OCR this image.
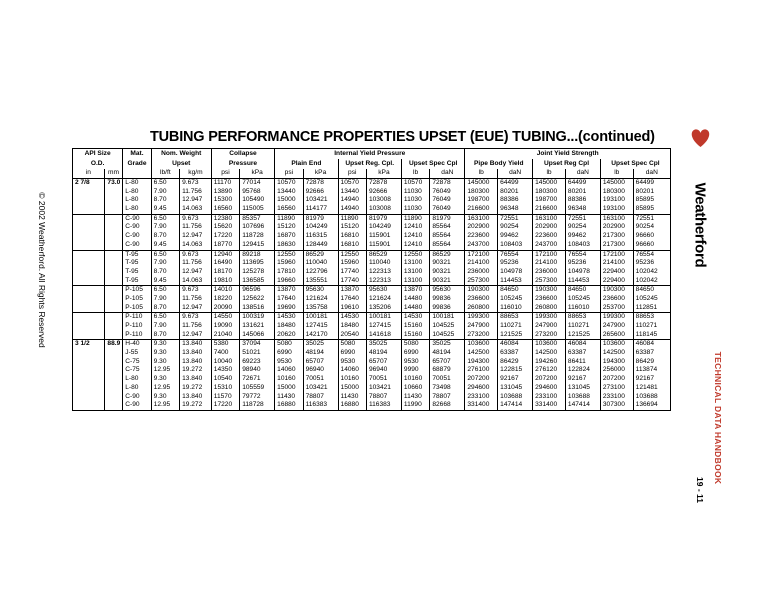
TUBING PERFORMANCE PROPERTIES UPSET (EUE) TUBING...(continued)
API Size		Mat.	Nom. Weight		Collapse		Internal Yield Pressure						Joint Yield Strength					
O.D.		Grade	Upset		Pressure		Plain End		Upset Reg. Cpl.		Upset Spec Cpl		Pipe Body Yield		Upset Reg Cpl		Upset Spec Cpl	
in	mm		lb/ft	kg/m	psi	kPa	psi	kPa	psi	kPa	lb	daN	lb	daN	lb	daN	lb	daN
2 7/8	73.0	L-80	6.50	9.673	11170	77014	10570	72878	10570	72878	10570	72878	145000	64499	145000	64499	145000	64499
		L-80	7.90	11.756	13890	95768	13440	92666	13440	92666	11030	76049	180300	80201	180300	80201	180300	80201
		L-80	8.70	12.947	15300	105490	15000	103421	14940	103008	11030	76049	198700	88386	198700	88386	193100	85895
		L-80	9.45	14.063	16560	115005	16560	114177	14940	103008	11030	76049	216600	96348	216600	96348	193100	85895
		C-90	6.50	9.673	12380	85357	11890	81979	11890	81979	11890	81979	163100	72551	163100	72551	163100	72551
		C-90	7.90	11.756	15620	107696	15120	104249	15120	104249	12410	85564	202900	90254	202900	90254	202900	90254
		C-90	8.70	12.947	17220	118728	16870	116315	16810	115901	12410	85564	223600	99462	223600	99462	217300	96660
		C-90	9.45	14.063	18770	129415	18630	128449	16810	115901	12410	85564	243700	108403	243700	108403	217300	96660
		T-95	6.50	9.673	12940	89218	12550	86529	12550	86529	12550	86529	172100	76554	172100	76554	172100	76554
		T-95	7.90	11.756	16490	113695	15960	110040	15960	110040	13100	90321	214100	95236	214100	95236	214100	95236
		T-95	8.70	12.947	18170	125278	17810	122796	17740	122313	13100	90321	236000	104978	236000	104978	229400	102042
		T-95	9.45	14.063	19810	136585	19660	135551	17740	122313	13100	90321	257300	114453	257300	114453	229400	102042
		P-105	6.50	9.673	14010	96596	13870	95630	13870	95630	13870	95630	190300	84650	190300	84650	190300	84650
		P-105	7.90	11.756	18220	125622	17640	121624	17640	121624	14480	99836	236600	105245	236600	105245	236600	105245
		P-105	8.70	12.947	20090	138516	19690	135758	19610	135206	14480	99836	260800	116010	260800	116010	253700	112851
		P-110	6.50	9.673	14550	100319	14530	100181	14530	100181	14530	100181	199300	88653	199300	88653	199300	88653
		P-110	7.90	11.756	19090	131621	18480	127415	18480	127415	15160	104525	247900	110271	247900	110271	247900	110271
		P-110	8.70	12.947	21040	145066	20620	142170	20540	141618	15160	104525	273200	121525	273200	121525	265600	118145
3 1/2	88.9	H-40	9.30	13.840	5380	37094	5080	35025	5080	35025	5080	35025	103600	46084	103600	46084	103600	46084
		J-55	9.30	13.840	7400	51021	6990	48194	6990	48194	6990	48194	142500	63387	142500	63387	142500	63387
		C-75	9.30	13.840	10040	69223	9530	65707	9530	65707	9530	65707	194300	86429	194260	86411	194300	86429
		C-75	12.95	19.272	14350	98940	14060	96940	14060	96940	9990	68879	276100	122815	276120	122824	256000	113874
		L-80	9.30	13.840	10540	72671	10160	70051	10160	70051	10160	70051	207200	92167	207200	92167	207200	92167
		L-80	12.95	19.272	15310	105559	15000	103421	15000	103421	10660	73498	294600	131045	294600	131045	273100	121481
		C-90	9.30	13.840	11570	79772	11430	78807	11430	78807	11430	78807	233100	103688	233100	103688	233100	103688
		C-90	12.95	19.272	17220	118728	16880	116383	16880	116383	11990	82668	331400	147414	331400	147414	307300	136694
Weatherford
TECHNICAL DATA HANDBOOK
19 - 11
© 2002 Weatherford. All Rights Reserved
